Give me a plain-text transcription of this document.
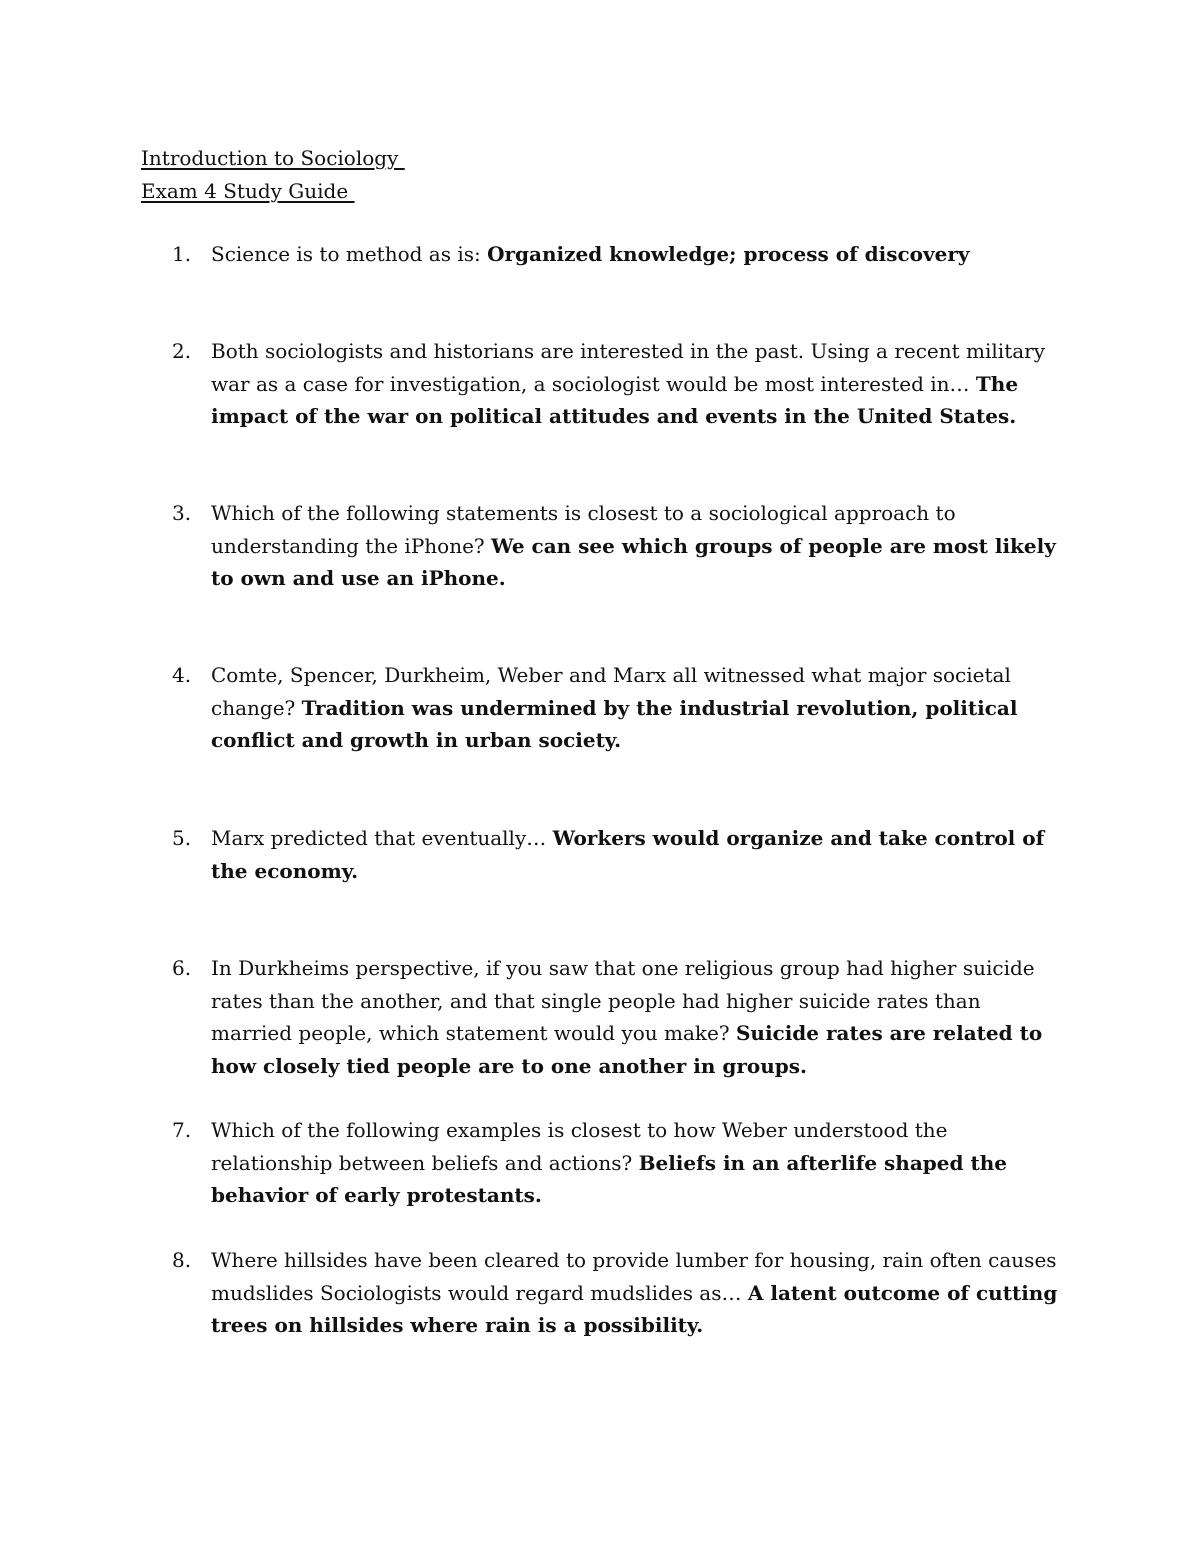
Introduction to Sociology
Exam 4 Study Guide
1. Science is to method as is: Organized knowledge; process of discovery
2. Both sociologists and historians are interested in the past. Using a recent military war as a case for investigation, a sociologist would be most interested in… The impact of the war on political attitudes and events in the United States.
3. Which of the following statements is closest to a sociological approach to understanding the iPhone? We can see which groups of people are most likely to own and use an iPhone.
4. Comte, Spencer, Durkheim, Weber and Marx all witnessed what major societal change? Tradition was undermined by the industrial revolution, political conflict and growth in urban society.
5. Marx predicted that eventually… Workers would organize and take control of the economy.
6. In Durkheims perspective, if you saw that one religious group had higher suicide rates than the another, and that single people had higher suicide rates than married people, which statement would you make? Suicide rates are related to how closely tied people are to one another in groups.
7. Which of the following examples is closest to how Weber understood the relationship between beliefs and actions? Beliefs in an afterlife shaped the behavior of early protestants.
8. Where hillsides have been cleared to provide lumber for housing, rain often causes mudslides Sociologists would regard mudslides as… A latent outcome of cutting trees on hillsides where rain is a possibility.
